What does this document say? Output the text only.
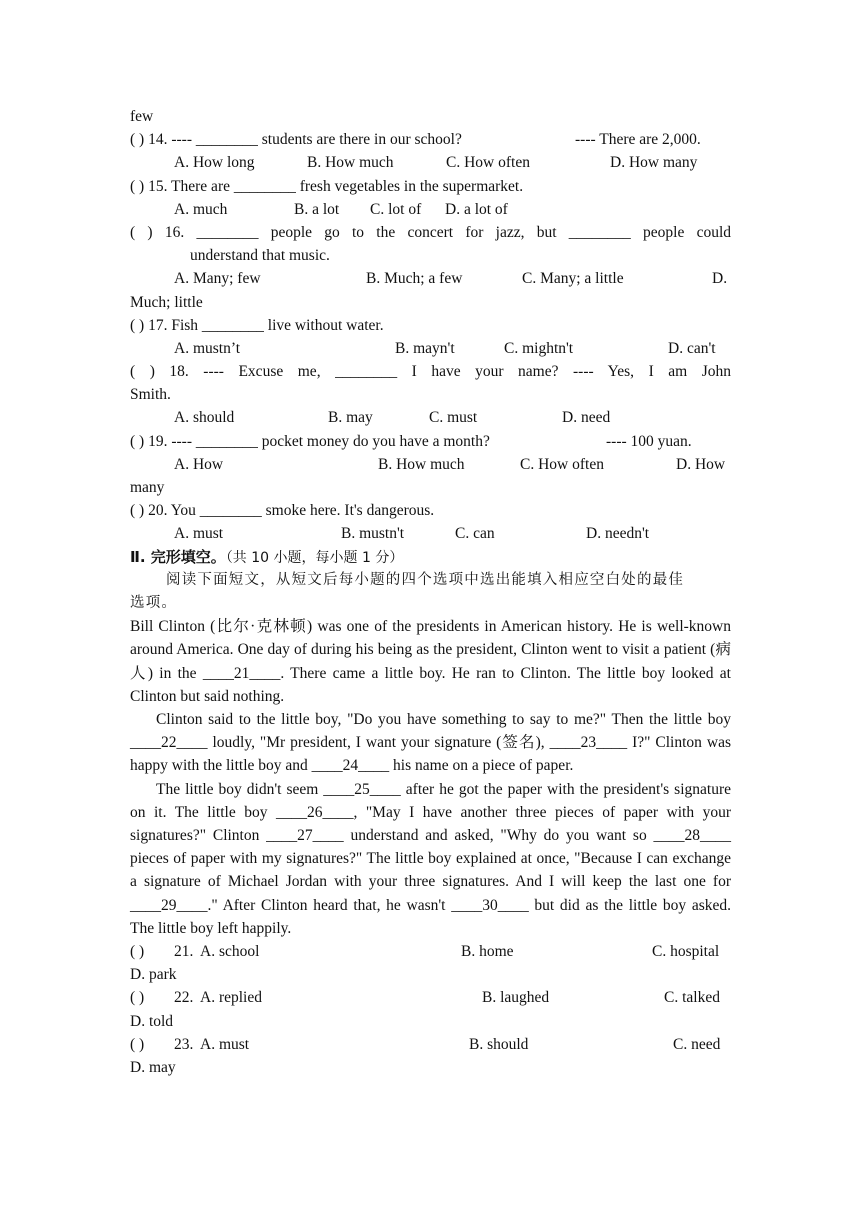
few
( ) 14. ---- ________ students are there in our school?	---- There are 2,000.
A. How long	B. How much	C. How often	D. How many
( ) 15. There are ________ fresh vegetables in the supermarket.
A. much	B. a lot C. lot of D. a lot of
( ) 16. ________ people go to the concert for jazz, but ________ people could
understand that music.
A. Many; few	B. Much; a few	C. Many; a little	D.
Much; little
( ) 17. Fish ________ live without water.
A. mustn’t	B. mayn't	C. mightn't	D. can't
( ) 18. ---- Excuse me, ________ I have your name? ---- Yes, I am John
Smith.
A. should	B. may	C. must	D. need
( ) 19. ---- ________ pocket money do you have a month?	---- 100 yuan.
A. How	B. How much	C. How often	D. How
many
( ) 20. You ________ smoke here. It's dangerous.
A. must	B. mustn't	C. can	D. needn't
Ⅱ. 完形填空。（共 10 小题，每小题 1 分）
阅读下面短文，从短文后每小题的四个选项中选出能填入相应空白处的最佳
选项。

Bill Clinton (比尔·克林顿) was one of the presidents in American history. He is well-known around America. One day of during his being as the president, Clinton went to visit a patient (病人) in the ____21____. There came a little boy. He ran to Clinton. The little boy looked at Clinton but said nothing.

Clinton said to the little boy, "Do you have something to say to me?" Then the little boy ____22____ loudly, "Mr president, I want your signature (签名), ____23____ I?" Clinton was happy with the little boy and ____24____ his name on a piece of paper.

The little boy didn't seem ____25____ after he got the paper with the president's signature on it. The little boy ____26____, "May I have another three pieces of paper with your signatures?" Clinton ____27____ understand and asked, "Why do you want so ____28____ pieces of paper with my signatures?" The little boy explained at once, "Because I can exchange a signature of Michael Jordan with your three signatures. And I will keep the last one for ____29____." After Clinton heard that, he wasn't ____30____ but did as the little boy asked. The little boy left happily.

( ) 21. A. school	B. home	C. hospital
D. park
( ) 22. A. replied	B. laughed	C. talked
D. told
( ) 23. A. must	B. should	C. need
D. may
